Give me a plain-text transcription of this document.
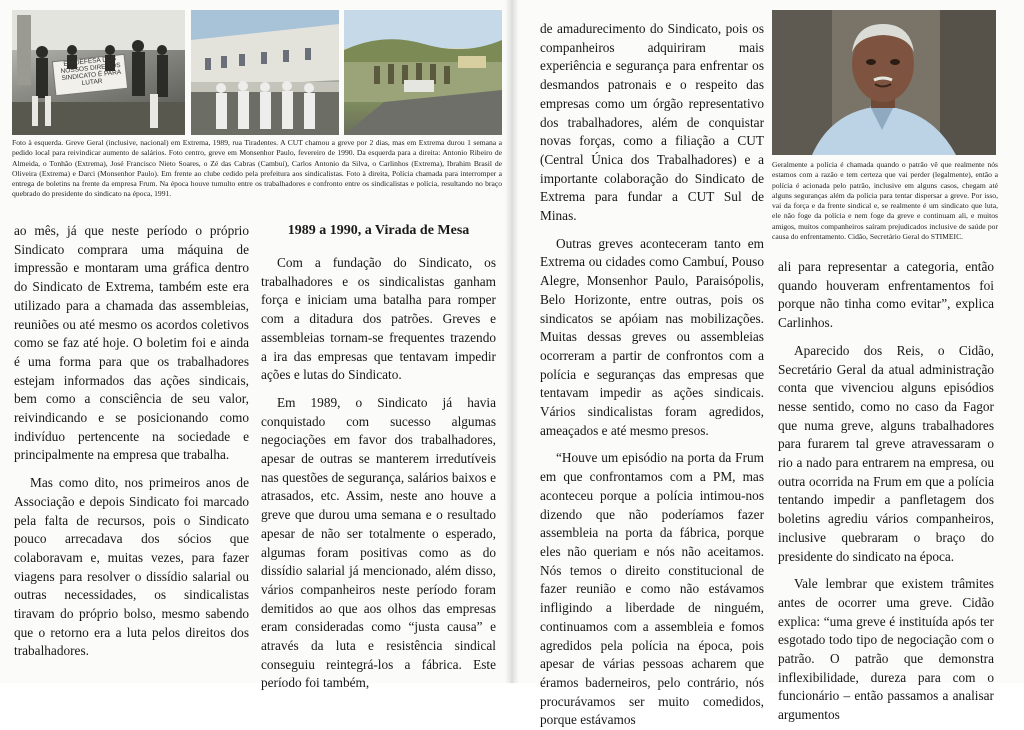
EM DEFESA DOS NOSSOS DIREITOS SINDICATO É PARA LUTAR
Foto à esquerda. Greve Geral (inclusive, nacional) em Extrema, 1989, rua Tiradentes. A CUT chamou a greve por 2 dias, mas em Extrema durou 1 semana a pedido local para reivindicar aumento de salários. Foto centro, greve em Monsenhor Paulo, fevereiro de 1990. Da esquerda para a direita: Antonio Ribeiro de Almeida, o Tonhão (Extrema), José Francisco Nieto Soares, o Zé das Cabras (Cambuí), Carlos Antonio da Silva, o Carlinhos (Extrema), Ibrahim Brasil de Oliveira (Extrema) e Darci (Monsenhor Paulo). Em frente ao clube cedido pela prefeitura aos sindicalistas. Foto à direita, Polícia chamada para interromper a entrega de boletins na frente da empresa Frum. Na época houve tumulto entre os trabalhadores e confronto entre os sindicalistas e polícia, resultando no braço quebrado do presidente do sindicato na época, 1991.
1989 a 1990, a Virada de Mesa

ao mês, já que neste período o próprio Sindicato comprara uma máquina de impressão e montaram uma gráfica dentro do Sindicato de Extrema, também este era utilizado para a chamada das assembleias, reuniões ou até mesmo os acordos coletivos como se faz até hoje. O boletim foi e ainda é uma forma para que os trabalhadores estejam informados das ações sindicais, bem como a consciência de seu valor, reivindicando e se posicionando como indivíduo pertencente na sociedade e principalmente na empresa que trabalha.

Mas como dito, nos primeiros anos de Associação e depois Sindicato foi marcado pela falta de recursos, pois o Sindicato pouco arrecadava dos sócios que colaboravam e, muitas vezes, para fazer viagens para resolver o dissídio salarial ou outras necessidades, os sindicalistas tiravam do próprio bolso, mesmo sabendo que o retorno era a luta pelos direitos dos trabalhadores.

Com a fundação do Sindicato, os trabalhadores e os sindicalistas ganham força e iniciam uma batalha para romper com a ditadura dos patrões. Greves e assembleias tornam-se frequentes trazendo a ira das empresas que tentavam impedir ações e lutas do Sindicato.

Em 1989, o Sindicato já havia conquistado com sucesso algumas negociações em favor dos trabalhadores, apesar de outras se manterem irredutíveis nas questões de segurança, salários baixos e atrasados, etc. Assim, neste ano houve a greve que durou uma semana e o resultado apesar de não ser totalmente o esperado, algumas foram positivas como as do dissídio salarial já mencionado, além disso, vários companheiros neste período foram demitidos ao que aos olhos das empresas eram consideradas como “justa causa” e através da luta e resistência sindical conseguiu reintegrá-los a fábrica. Este período foi também,

de amadurecimento do Sindicato, pois os companheiros adquiriram mais experiência e segurança para enfrentar os desmandos patronais e o respeito das empresas como um órgão representativo dos trabalhadores, além de conquistar novas forças, como a filiação a CUT (Central Única dos Trabalhadores) e a importante colaboração do Sindicato de Extrema para fundar a CUT Sul de Minas.

Outras greves aconteceram tanto em Extrema ou cidades como Cambuí, Pouso Alegre, Monsenhor Paulo, Paraisópolis, Belo Horizonte, entre outras, pois os sindicatos se apóiam nas mobilizações. Muitas dessas greves ou assembleias ocorreram a partir de confrontos com a polícia e seguranças das empresas que tentavam impedir as ações sindicais. Vários sindicalistas foram agredidos, ameaçados e até mesmo presos.

“Houve um episódio na porta da Frum em que confrontamos com a PM, mas aconteceu porque a polícia intimou-nos dizendo que não poderíamos fazer assembleia na porta da fábrica, porque eles não queriam e nós não aceitamos. Nós temos o direito constitucional de fazer reunião e como não estávamos infligindo a liberdade de ninguém, continuamos com a assembleia e fomos agredidos pela polícia na época, pois apesar de várias pessoas acharem que éramos baderneiros, pelo contrário, nós procurávamos ser muito comedidos, porque estávamos

Geralmente a polícia é chamada quando o patrão vê que realmente nós estamos com a razão e tem certeza que vai perder (legalmente), então a polícia é acionada pelo patrão, inclusive em alguns casos, chegam até alguns seguranças além da polícia para tentar dispersar a greve. Por isso, vai da força e da frente sindical e, se realmente é um sindicato que luta, ele não foge da polícia e nem foge da greve e continuam ali, e muitos amigos, muitos companheiros saíram prejudicados inclusive de saúde por causa do enfrentamento. Cidão, Secretário Geral do STIMEIC.

ali para representar a categoria, então quando houveram enfrentamentos foi porque não tinha como evitar”, explica Carlinhos.

Aparecido dos Reis, o Cidão, Secretário Geral da atual administração conta que vivenciou alguns episódios nesse sentido, como no caso da Fagor que numa greve, alguns trabalhadores para furarem tal greve atravessaram o rio a nado para entrarem na empresa, ou outra ocorrida na Frum em que a polícia tentando impedir a panfletagem dos boletins agrediu vários companheiros, inclusive quebraram o braço do presidente do sindicato na época.

Vale lembrar que existem trâmites antes de ocorrer uma greve. Cidão explica: “uma greve é instituída após ter esgotado todo tipo de negociação com o patrão. O patrão que demonstra inflexibilidade, dureza para com o funcionário – então passamos a analisar argumentos
